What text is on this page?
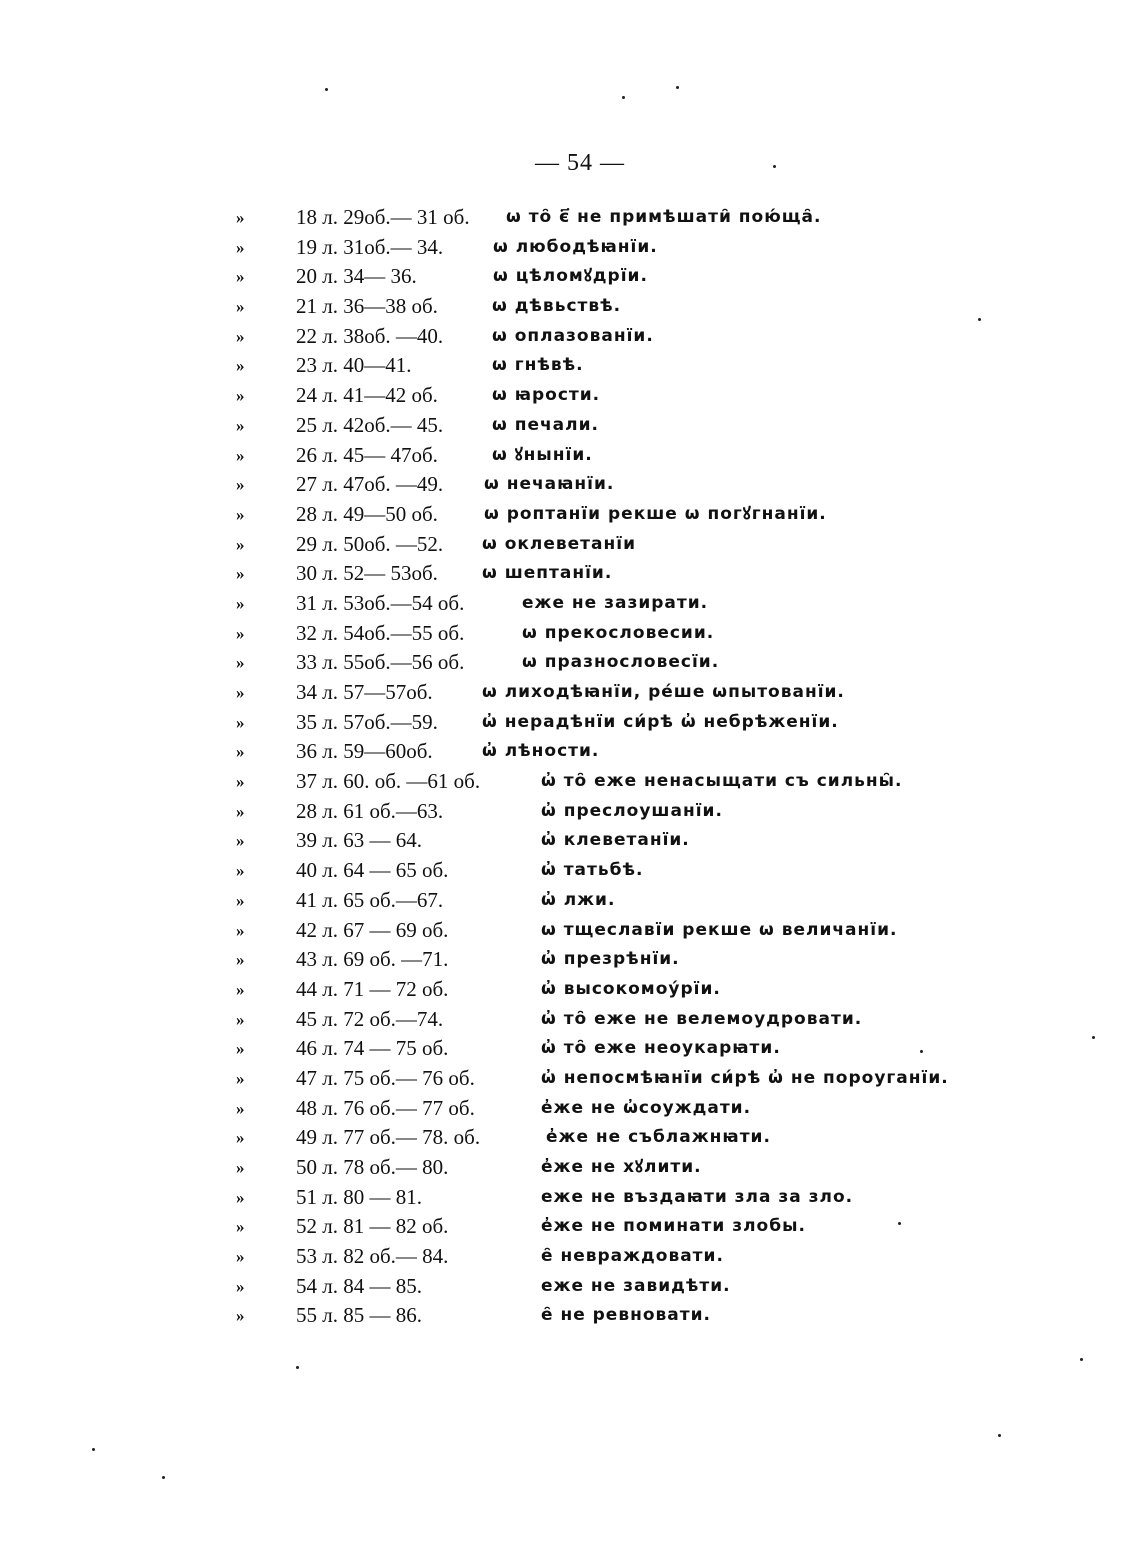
— 54 —
»	18 л. 29об.— 31 об. ѡ то̑ є҃ не примѣшати̑ пою́ща̑.
»	19 л. 31об.— 34.	ѡ любодѣꙗнїи.
»	20 л. 34— 36.	ѡ цѣломꙋдрїи.
»	21 л. 36—38 об.	ѡ дѣвьствѣ.
»	22 л. 38об. —40.	ѡ оплазованїи.
»	23 л. 40—41.	ѡ гнѣвѣ.
»	24 л. 41—42 об.	ѡ ꙗрости.
»	25 л. 42об.— 45.	ѡ печали.
»	26 л. 45— 47об.	ѡ ꙋнынїи.
»	27 л. 47об. —49. ѡ нечаꙗнїи.
»	28 л. 49—50 об.	ѡ роптанїи рекше ѡ погꙋгнанїи.
»	29 л. 50об. —52. ѡ оклеветанїи
»	30 л. 52— 53об.	ѡ шептанїи.
»	31 л. 53об.—54 об.	еже не зазирати.
»	32 л. 54об.—55 об.	ѡ прекословесии.
»	33 л. 55об.—56 об.	ѡ празнословесїи.
»	34 л. 57—57об.	ѡ лиходѣꙗнїи, ре́ше ѡпытованїи.
»	35 л. 57об.—59.	ѡ̓ нерадѣнїи си́рѣ ѡ̓ небрѣженїи.
»	36 л. 59—60об.	ѡ̓ лѣности.
»	37 л. 60. об. —61 об.	ѡ̓ то̑ еже ненасыщати съ сильны̑.
»	28 л. 61 об.—63.	ѡ̓ преслоушанїи.
»	39 л. 63 — 64.	ѡ̓ клеветанїи.
»	40 л. 64 — 65 об.	ѡ̓ татьбѣ.
»	41 л. 65 об.—67.	ѡ̓ лжи.
»	42 л. 67 — 69 об.	ѡ тщеславїи рекше ѡ величанїи.
»	43 л. 69 об. —71.	ѡ̓ презрѣнїи.
»	44 л. 71 — 72 об.	ѡ̓ высокомоу́рїи.
»	45 л. 72 об.—74.	ѡ̓ то̑ еже не велемоудровати.
»	46 л. 74 — 75 об.	ѡ̓ то̑ еже неоукарꙗти.
»	47 л. 75 об.— 76 об.	ѡ̓ непосмѣꙗнїи си́рѣ ѡ̓ не пороуганїи.
»	48 л. 76 об.— 77 об.	е̓же не ѡ̓соуждати.
»	49 л. 77 об.— 78. об.	е̓же не съблажнꙗти.
»	50 л. 78 об.— 80.	е̓же не хꙋлити.
»	51 л. 80 — 81.	еже не въздаꙗти зла за зло.
»	52 л. 81 — 82 об.	е̓же не поминати злобы.
»	53 л. 82 об.— 84.	е̑ невраждовати.
»	54 л. 84 — 85.	еже не завидѣти.
»	55 л. 85 — 86.	е̑ не ревновати.
